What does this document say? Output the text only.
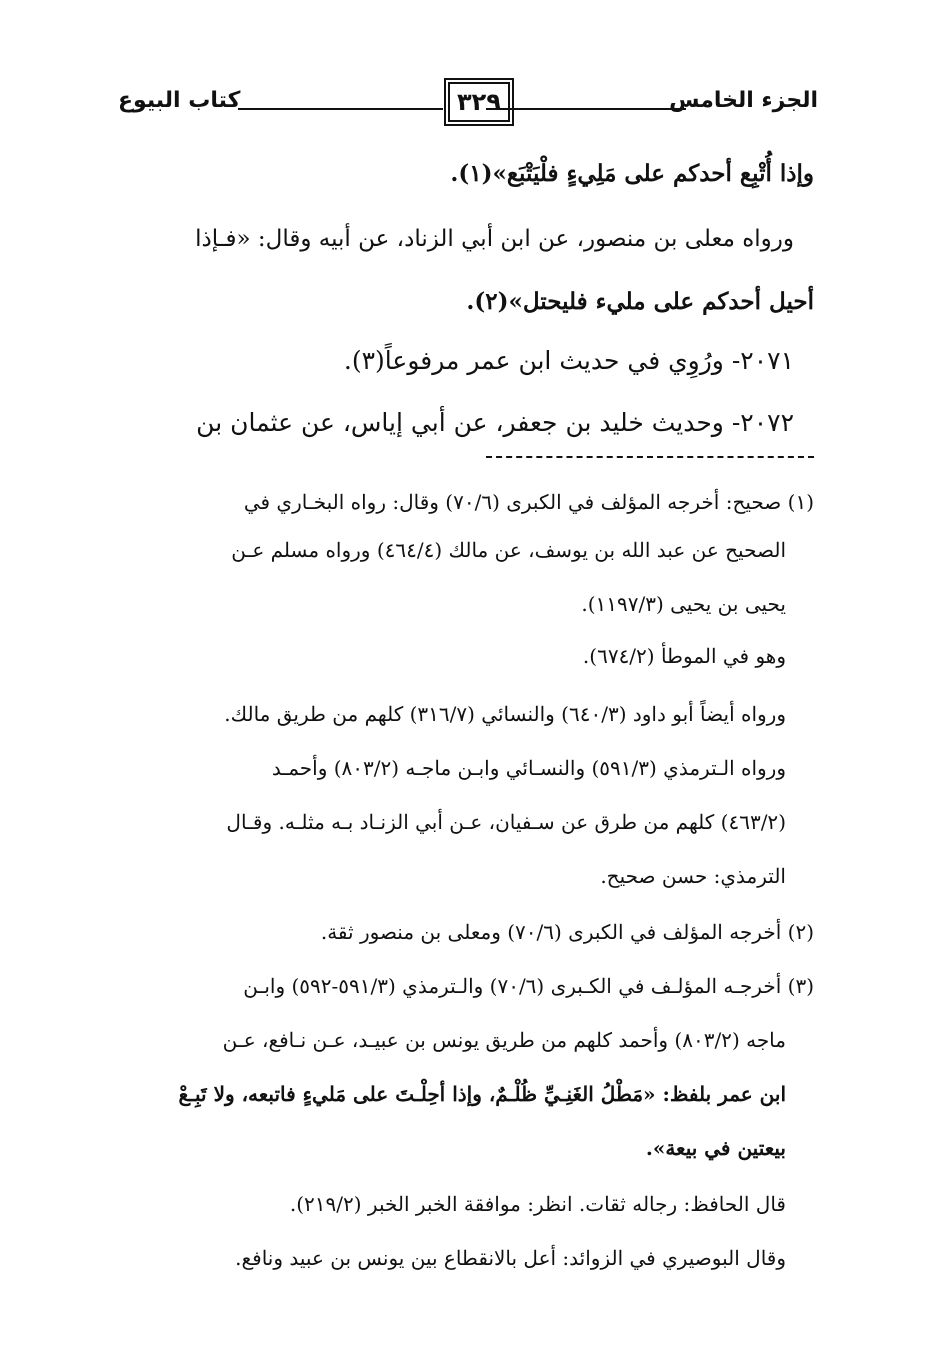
الجزء الخامس
٣٢٩
كتاب البيوع
وإذا أُتْبِع أحدكم على مَلِيءٍ فلْيَتْبَع»(١).
ورواه معلى بن منصور، عن ابن أبي الزناد، عن أبيه وقال: «فـإذا
أحيل أحدكم على مليء فليحتل»(٢).
٢٠٧١- ورُوِي في حديث ابن عمر مرفوعاً(٣).
٢٠٧٢- وحديث خليد بن جعفر، عن أبي إياس، عن عثمان بن
(١) صحيح: أخرجه المؤلف في الكبرى (٧٠/٦) وقال: رواه البخـاري في
الصحيح عن عبد الله بن يوسف، عن مالك (٤٦٤/٤) ورواه مسلم عـن
يحيى بن يحيى (١١٩٧/٣).
وهو في الموطأ (٦٧٤/٢).
ورواه أيضاً أبو داود (٦٤٠/٣) والنسائي (٣١٦/٧) كلهم من طريق مالك.
ورواه الـترمذي (٥٩١/٣) والنسـائي وابـن ماجـه (٨٠٣/٢) وأحمـد
(٤٦٣/٢) كلهم من طرق عن سـفيان، عـن أبي الزنـاد بـه مثلـه. وقـال
الترمذي: حسن صحيح.
(٢) أخرجه المؤلف في الكبرى (٧٠/٦) ومعلى بن منصور ثقة.
(٣) أخرجـه المؤلـف في الكـبرى (٧٠/٦) والـترمذي (٥٩١/٣-٥٩٢) وابـن
ماجه (٨٠٣/٢) وأحمد كلهم من طريق يونس بن عبيـد، عـن نـافع، عـن
ابن عمر بلفظ: «مَطْلُ الغَنِـيِّ ظُلْـمٌ، وإذا أحِلْـتَ على مَليءٍ فاتبعه، ولا تَبِـعْ
بيعتين في بيعة».
قال الحافظ: رجاله ثقات. انظر: موافقة الخبر الخبر (٢١٩/٢).
وقال البوصيري في الزوائد: أعل بالانقطاع بين يونس بن عبيد ونافع.
